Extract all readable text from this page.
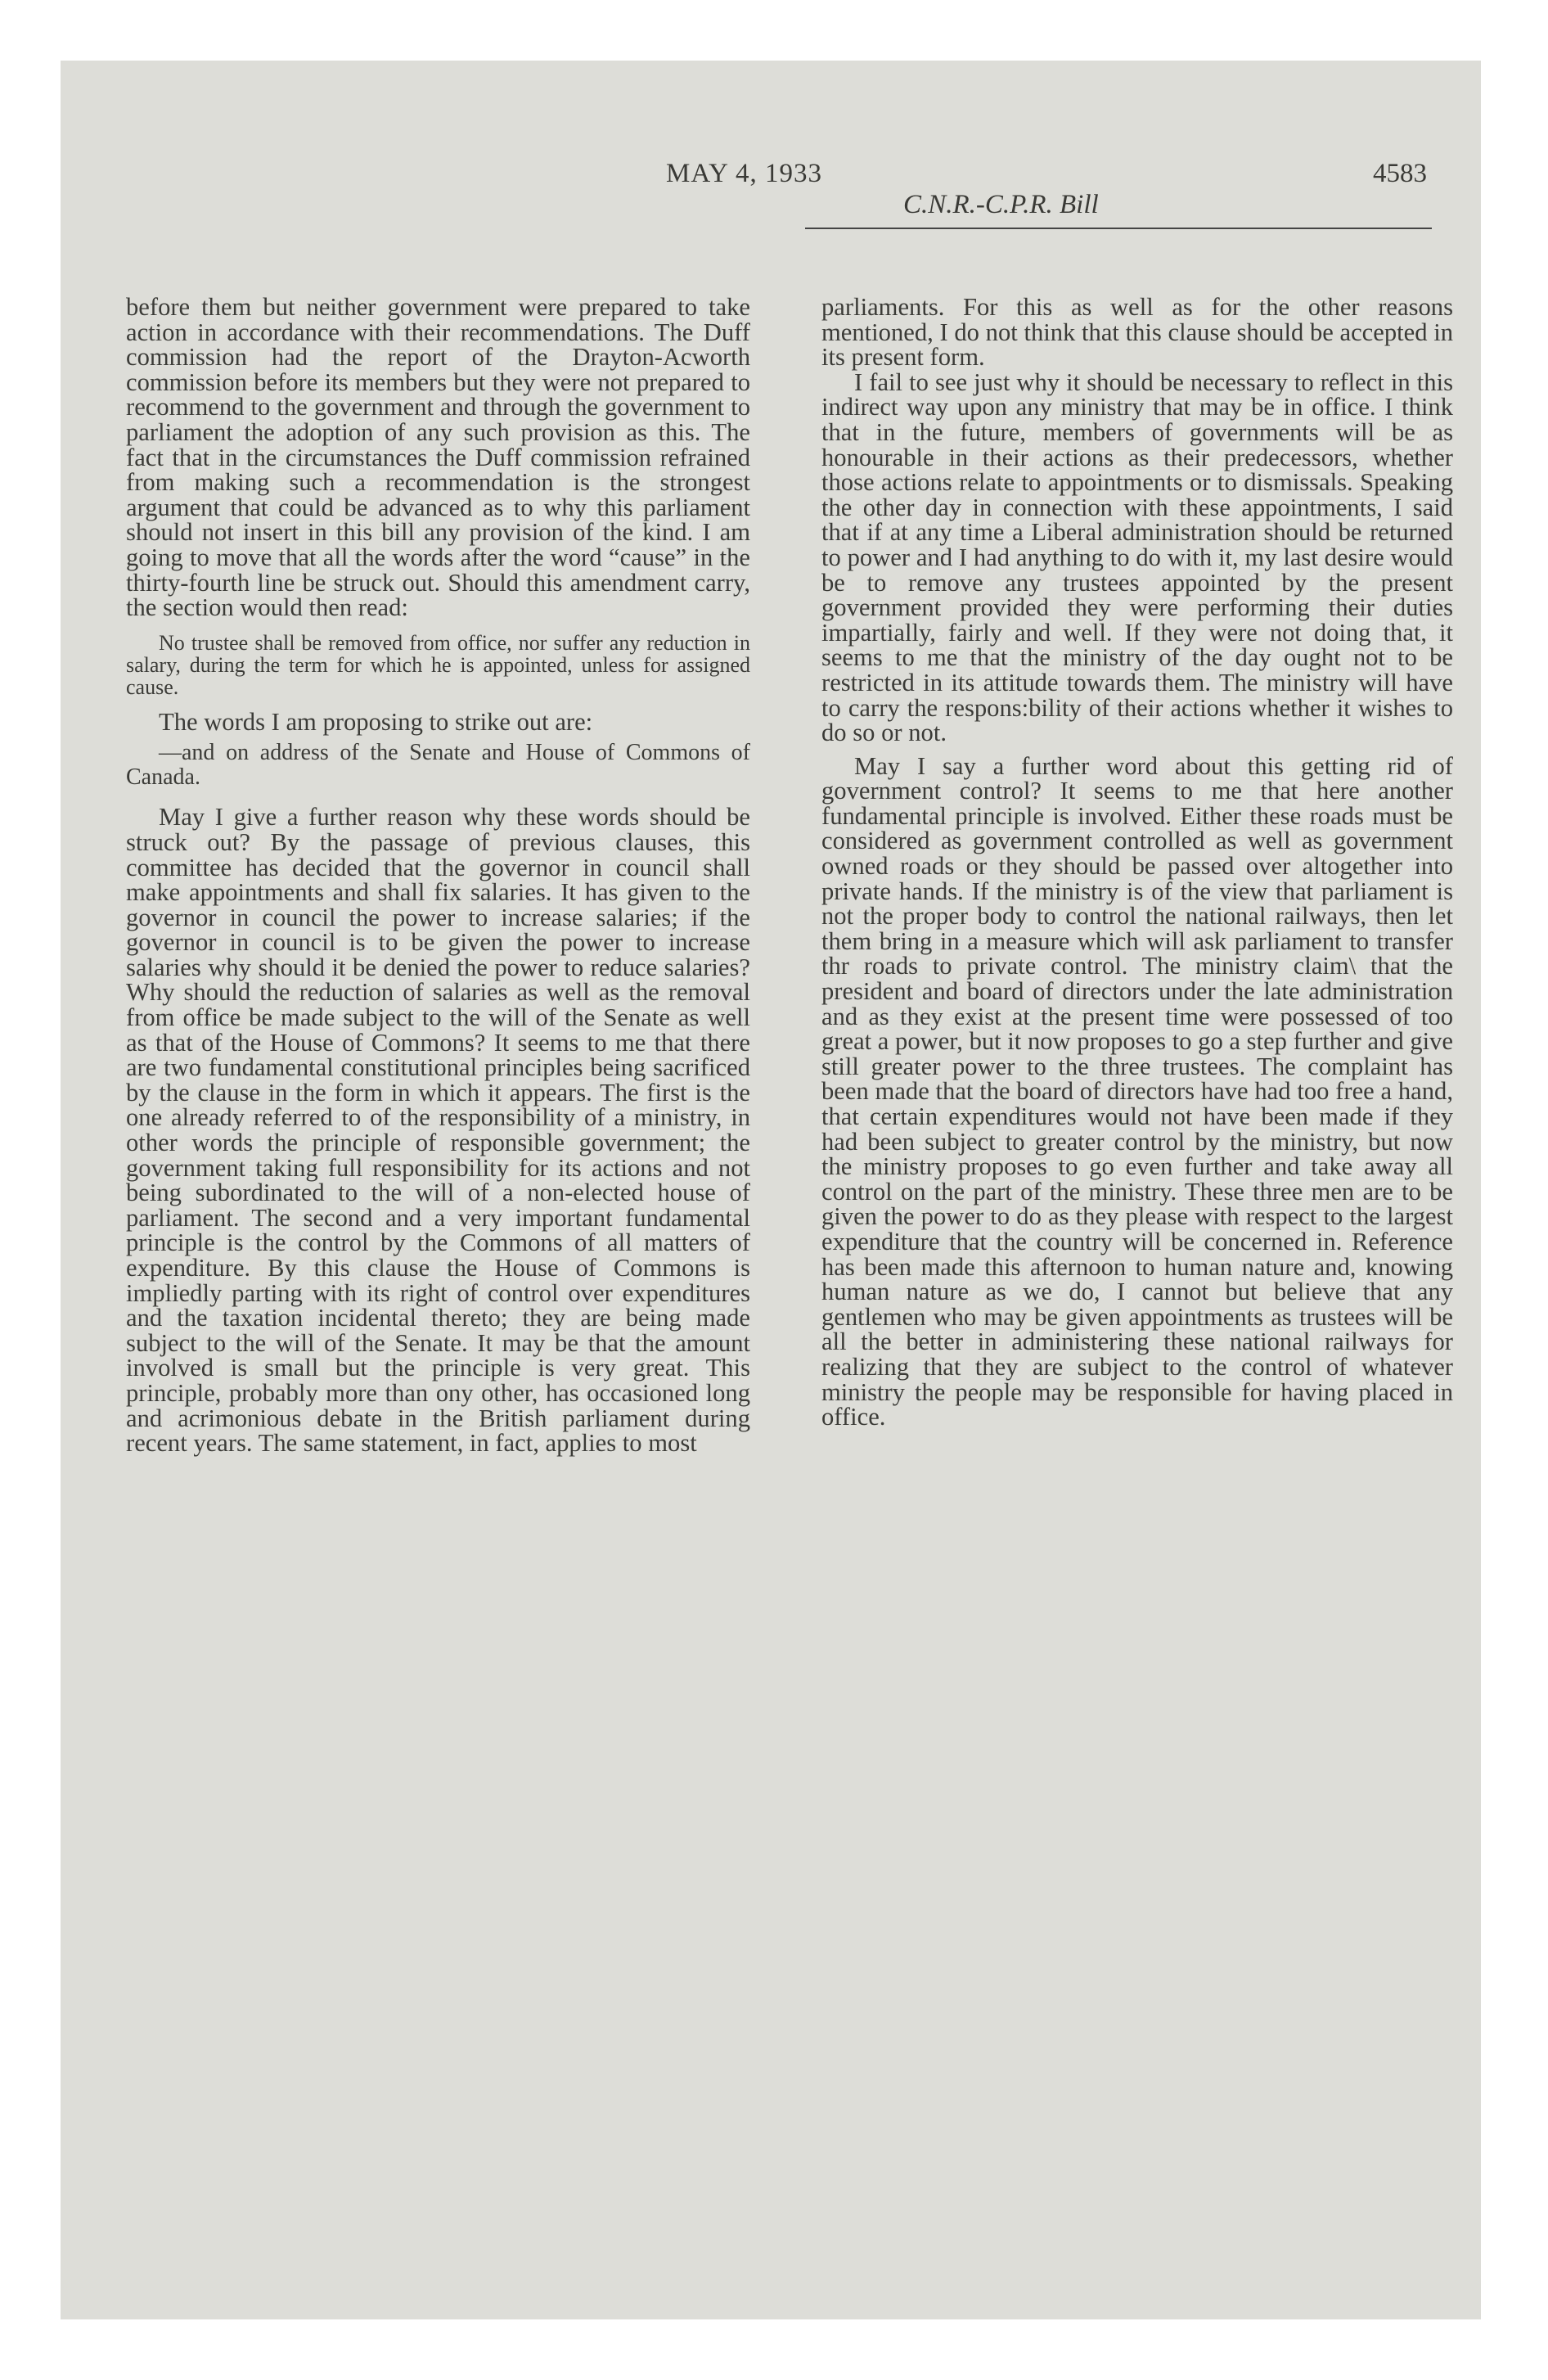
MAY 4, 1933	4583
C.N.R.-C.P.R. Bill

before them but neither government were prepared to take action in accordance with their recommendations. The Duff commission had the report of the Drayton-Acworth commission before its members but they were not prepared to recommend to the government and through the government to parliament the adoption of any such provision as this. The fact that in the circumstances the Duff commission refrained from making such a recommendation is the strongest argument that could be advanced as to why this parliament should not insert in this bill any provision of the kind. I am going to move that all the words after the word “cause” in the thirty-fourth line be struck out. Should this amendment carry, the section would then read:

No trustee shall be removed from office, nor suffer any reduction in salary, during the term for which he is appointed, unless for assigned cause.

The words I am proposing to strike out are:

—and on address of the Senate and House of Commons of Canada.

May I give a further reason why these words should be struck out? By the passage of previous clauses, this committee has decided that the governor in council shall make appointments and shall fix salaries. It has given to the governor in council the power to increase salaries; if the governor in council is to be given the power to increase salaries why should it be denied the power to reduce salaries? Why should the reduction of salaries as well as the removal from office be made subject to the will of the Senate as well as that of the House of Commons? It seems to me that there are two fundamental constitutional principles being sacrificed by the clause in the form in which it appears. The first is the one already referred to of the responsibility of a ministry, in other words the principle of responsible government; the government taking full responsibility for its actions and not being subordinated to the will of a non-elected house of parliament. The second and a very important fundamental principle is the control by the Commons of all matters of expenditure. By this clause the House of Commons is impliedly parting with its right of control over expenditures and the taxation incidental thereto; they are being made subject to the will of the Senate. It may be that the amount involved is small but the principle is very great. This principle, probably more than ony other, has occasioned long and acrimonious debate in the British parliament during recent years. The same statement, in fact, applies to most

parliaments. For this as well as for the other reasons mentioned, I do not think that this clause should be accepted in its present form.

I fail to see just why it should be necessary to reflect in this indirect way upon any ministry that may be in office. I think that in the future, members of governments will be as honourable in their actions as their predecessors, whether those actions relate to appointments or to dismissals. Speaking the other day in connection with these appointments, I said that if at any time a Liberal administration should be returned to power and I had anything to do with it, my last desire would be to remove any trustees appointed by the present government provided they were performing their duties impartially, fairly and well. If they were not doing that, it seems to me that the ministry of the day ought not to be restricted in its attitude towards them. The ministry will have to carry the respons:bility of their actions whether it wishes to do so or not.

May I say a further word about this getting rid of government control? It seems to me that here another fundamental principle is involved. Either these roads must be considered as government controlled as well as government owned roads or they should be passed over altogether into private hands. If the ministry is of the view that parliament is not the proper body to control the national railways, then let them bring in a measure which will ask parliament to transfer thr roads to private control. The ministry claim\ that the president and board of directors under the late administration and as they exist at the present time were possessed of too great a power, but it now proposes to go a step further and give still greater power to the three trustees. The complaint has been made that the board of directors have had too free a hand, that certain expenditures would not have been made if they had been subject to greater control by the ministry, but now the ministry proposes to go even further and take away all control on the part of the ministry. These three men are to be given the power to do as they please with respect to the largest expenditure that the country will be concerned in. Reference has been made this afternoon to human nature and, knowing human nature as we do, I cannot but believe that any gentlemen who may be given appointments as trustees will be all the better in administering these national railways for realizing that they are subject to the control of whatever ministry the people may be responsible for having placed in office.
